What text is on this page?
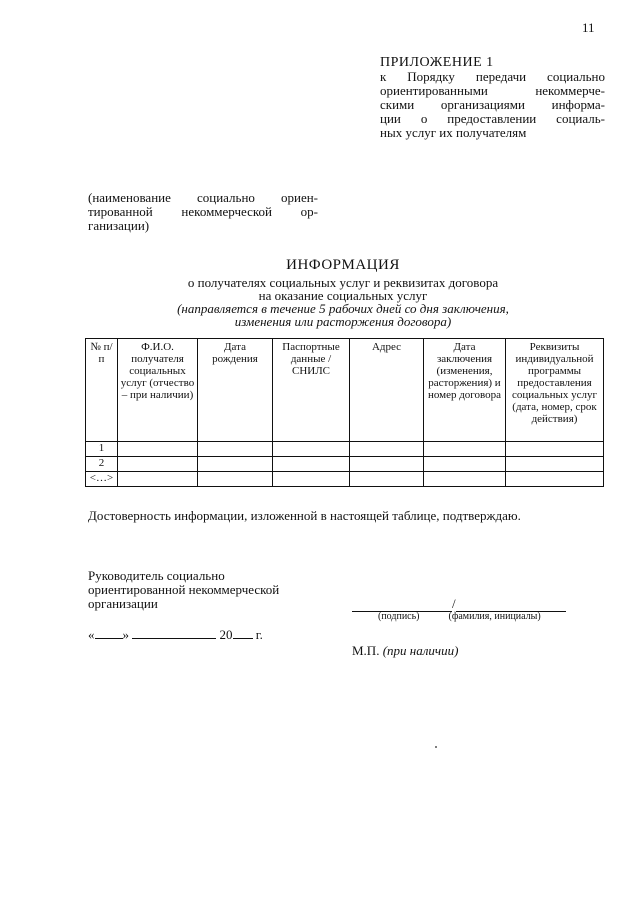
11
ПРИЛОЖЕНИЕ 1
к Порядку передачи социально
ориентированными некоммерче-
скими организациями информа-
ции о предоставлении социаль-
ных услуг их получателям
(наименование социально ориен-
тированной некоммерческой ор-
ганизации)
ИНФОРМАЦИЯ
о получателях социальных услуг и реквизитах договора
на оказание социальных услуг
(направляется в течение 5 рабочих дней со дня заключения,
изменения или расторжения договора)
№ п/п	Ф.И.О. получателя социальных услуг (отчество – при наличии)	Дата рождения	Паспортные данные / СНИЛС	Адрес	Дата заключения (изменения, расторжения) и номер договора	Реквизиты индивидуальной программы предоставления социальных услуг (дата, номер, срок действия)
1						
2						
<…>						
Достоверность информации, изложенной в настоящей таблице, подтверждаю.
Руководитель социально
ориентированной некоммерческой
организации	/
(подпись)	(фамилия, инициалы)
« »	20 г.
М.П. (при наличии)
